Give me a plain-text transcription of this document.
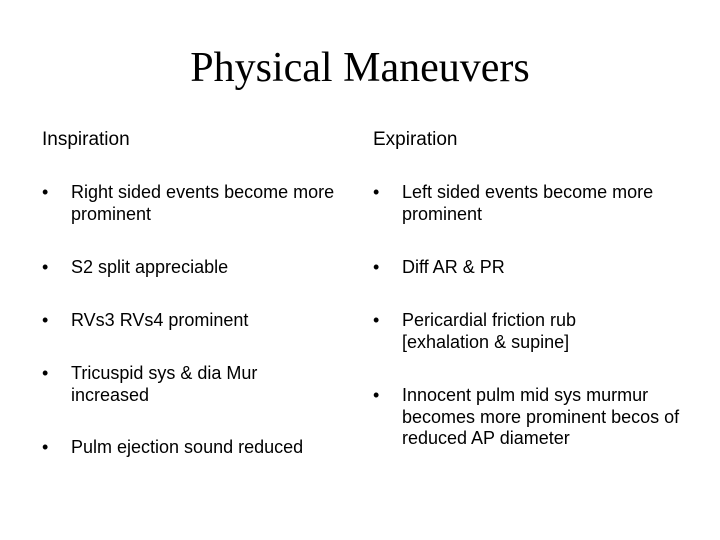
Physical Maneuvers
Inspiration	Expiration
• Right sided events become more prominent
• S2 split appreciable
• RVs3 RVs4 prominent
• Tricuspid sys & dia Mur increased
• Pulm ejection sound reduced
• Left sided events become more prominent
• Diff AR & PR
• Pericardial friction rub [exhalation & supine]
• Innocent pulm mid sys murmur becomes more prominent becos of reduced AP diameter
